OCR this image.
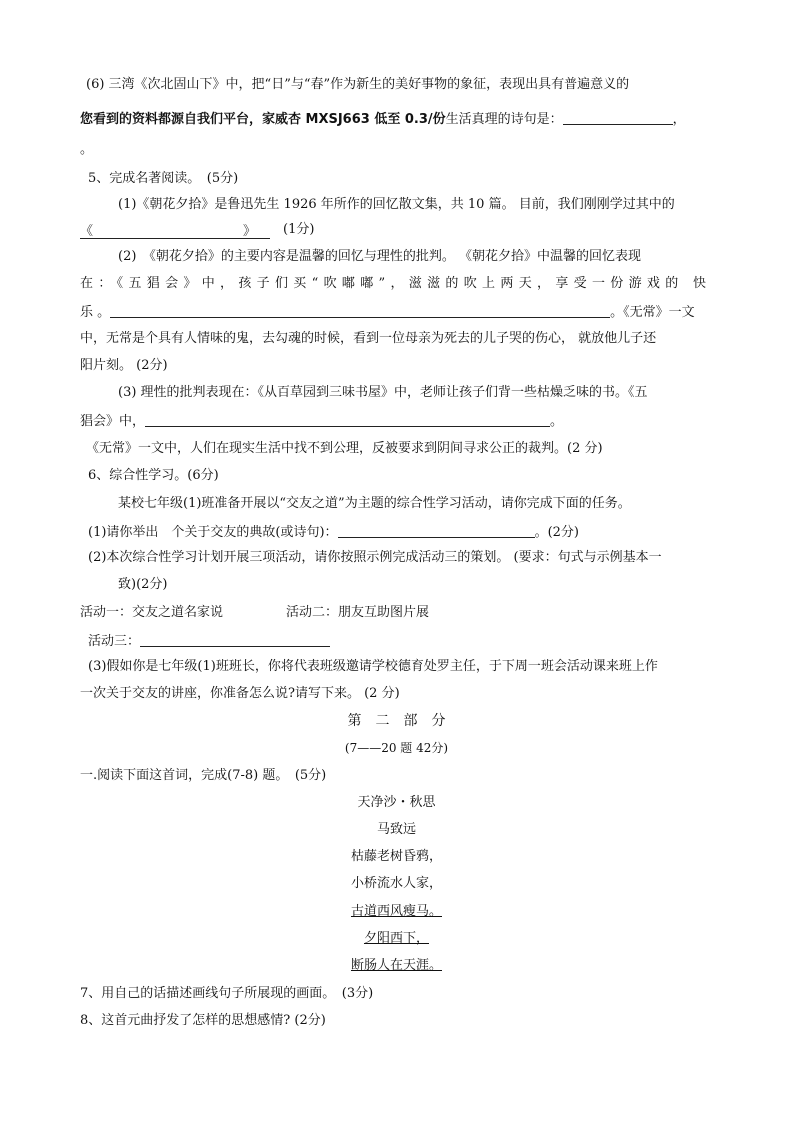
(6) 三湾《次北固山下》中，把“日”与“春”作为新生的美好事物的象征，表现出具有普遍意义的
您看到的资料都源自我们平台，家威杏 MXSJ663 低至 0.3/份生活真理的诗句是：	，
。
5、完成名著阅读。　(5分)
(1)《朝花夕拾》是鲁迅先生 1926 年所作的回忆散文集，共 10 篇。 目前，我们刚刚学过其中的
《	》　(1分)
(2)　《朝花夕拾》的主要内容是温馨的回忆与理性的批判。 《朝花夕拾》中温馨的回忆表现
在：《五猖会》中，孩子们买“吹嘟嘟”，滋滋的吹上两天，享受一份游戏的 快
乐 。	。《无常》一文
中，无常是个具有人情味的鬼，去勾魂的时候，看到一位母亲为死去的儿子哭的伤心， 就放他儿子还
阳片刻。 (2分)
(3) 理性的批判表现在：《从百草园到三味书屋》中，老师让孩子们背一些枯燥乏味的书。《五
猖会》中，	。
《无常》一文中，人们在现实生活中找不到公理，反被要求到阴间寻求公正的裁判。(2 分)
6、综合性学习。(6分)
某校七年级(1)班准备开展以“交友之道”为主题的综合性学习活动，请你完成下面的任务。
(1)请你举出　个关于交友的典故(或诗句)：	。(2分)
(2)本次综合性学习计划开展三项活动，请你按照示例完成活动三的策划。 (要求：句式与示例基本一
致)(2分)
活动一：交友之道名家说	活动二：朋友互助图片展
活动三：
(3)假如你是七年级(1)班班长，你将代表班级邀请学校德育处罗主任，于下周一班会活动课来班上作
一次关于交友的讲座，你准备怎么说?请写下来。 (2 分)
第　二　部　分
(7——20 题 42分)
一.阅读下面这首词，完成(7-8) 题。　(5分)
天净沙・秋思
马致远
枯藤老树昏鸦，
小桥流水人家，
古道西风瘦马。
夕阳西下，
断肠人在天涯。
7、用自己的话描述画线句子所展现的画面。　(3分)
8、这首元曲抒发了怎样的思想感情? (2分)
